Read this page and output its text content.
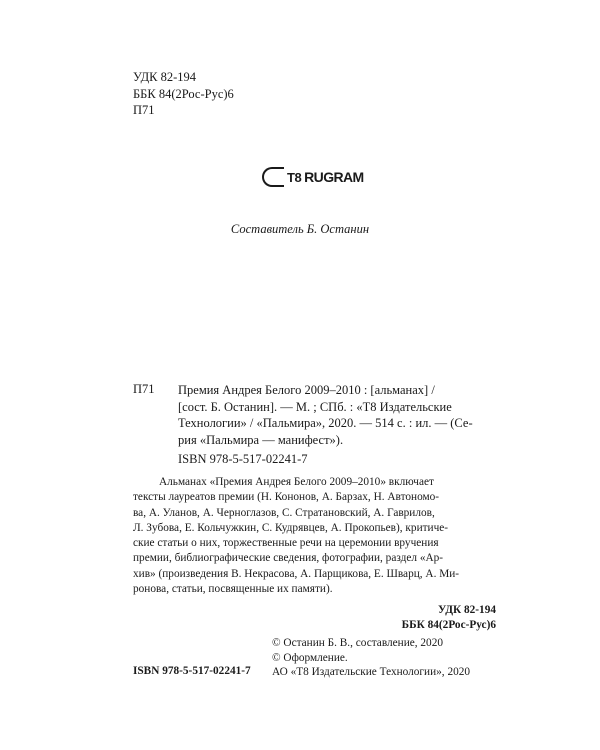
УДК 82-194
ББК 84(2Рос-Рус)6
П71
T8 RUGRAM
Составитель Б. Останин
П71 Премия Андрея Белого 2009–2010 : [альманах] /
[сост. Б. Останин]. — М. ; СПб. : «Т8 Издательские
Технологии» / «Пальмира», 2020. — 514 с. : ил. — (Се-
рия «Пальмира — манифест»).
ISBN 978-5-517-02241-7
Альманах «Премия Андрея Белого 2009–2010» включает
тексты лауреатов премии (Н. Кононов, А. Барзах, Н. Автономо-
ва, А. Уланов, А. Черноглазов, С. Стратановский, А. Гаврилов,
Л. Зубова, Е. Кольчужкин, С. Кудрявцев, А. Прокопьев), критиче-
ские статьи о них, торжественные речи на церемонии вручения
премии, библиографические сведения, фотографии, раздел «Ар-
хив» (произведения В. Некрасова, А. Парщикова, Е. Шварц, А. Ми-
ронова, статьи, посвященные их памяти).
УДК 82-194
ББК 84(2Рос-Рус)6
© Останин Б. В., составление, 2020
© Оформление.
АО «Т8 Издательские Технологии», 2020
ISBN 978-5-517-02241-7
